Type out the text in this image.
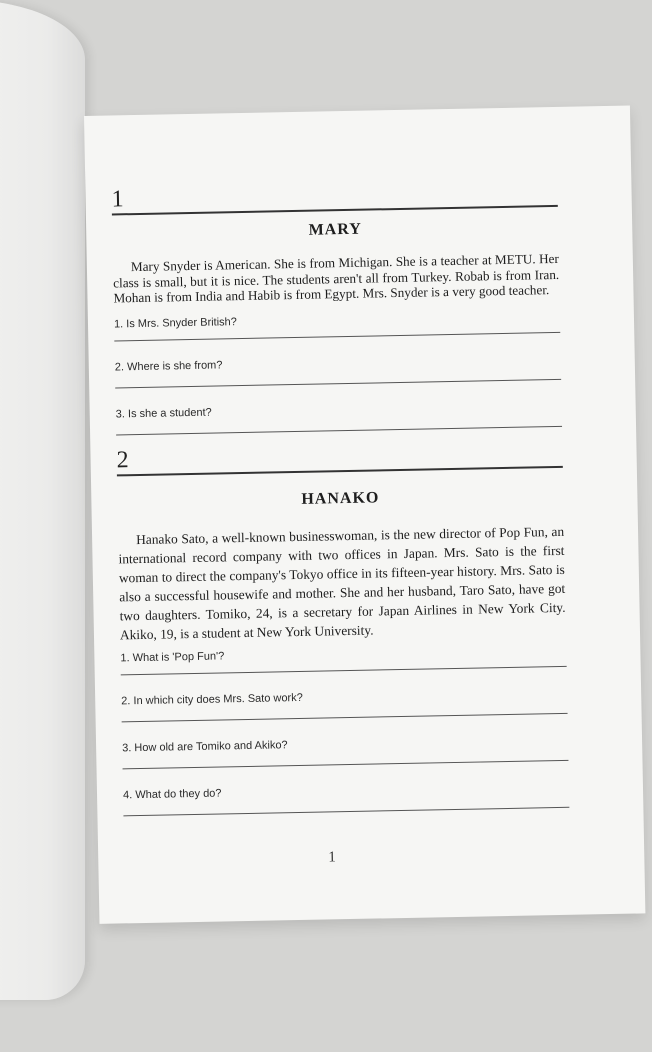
1
MARY

Mary Snyder is American. She is from Michigan. She is a teacher at METU. Her class is small, but it is nice. The students aren't all from Turkey. Robab is from Iran. Mohan is from India and Habib is from Egypt. Mrs. Snyder is a very good teacher.

1. Is Mrs. Snyder British?
2. Where is she from?
3. Is she a student?
2
HANAKO

Hanako Sato, a well-known businesswoman, is the new director of Pop Fun, an international record company with two offices in Japan. Mrs. Sato is the first woman to direct the company's Tokyo office in its fifteen-year history. Mrs. Sato is also a successful housewife and mother. She and her husband, Taro Sato, have got two daughters. Tomiko, 24, is a secretary for Japan Airlines in New York City. Akiko, 19, is a student at New York University.

1. What is 'Pop Fun'?
2. In which city does Mrs. Sato work?
3. How old are Tomiko and Akiko?
4. What do they do?
1
